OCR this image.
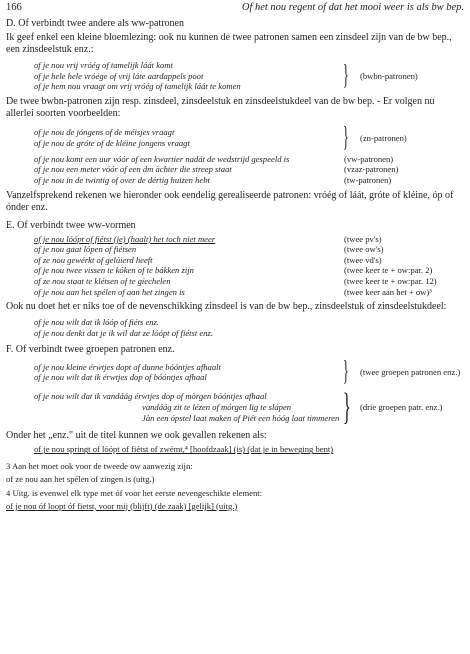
166	Of het nou regent of dat het mooi weer is als bw bep.
D. Of verbindt twee andere als ww-patronen
Ik geef enkel een kleine bloemlezing: ook nu kunnen de twee patronen samen een zinsdeel zijn van de bw bep., een zinsdeelstuk enz.:
of je nou vrij vróég of tamelijk láát komt
of je hele hele vróége of vrij láte aardappels poot
of je hem nou vraagt om vrij vróég of tamelijk láát te komen	}	(bwbn-patronen)
De twee bwbn-patronen zijn resp. zinsdeel, zinsdeelstuk en zinsdeelstukdeel van de bw bep. - Er volgen nu allerlei soorten voorbeelden:
of je nou de jóngens of de méisjes vraagt
of je nou de gróte of de kléine jongens vraagt	}	(zn-patronen)
of je nou komt een uur vóór of een kwartier nadát de wedstrijd gespeeld is	(vw-patronen)
of je nou een meter vóór of een dm àchter die streep staat	(vzaz-patronen)
of je nou in de twintig of over de dértig huizen hebt	(tw-patronen)
Vanzelfsprekend rekenen we hieronder ook eendelig gerealiseerde patronen: vróég of láát, gróte of kléine, óp of ónder enz.
E. Of verbindt twee ww-vormen
of je nou lóópt of fiétst (je) (haalt) het toch niet meer	(twee pv's)
of je nou gaat lópen of fiétsen	(twee ow's)
of ze nou gewérkt of gelúierd heeft	(twee vd's)
of je nou twee vissen te kóken of te bákken zijn	(twee keer te + ow:par. 2)
of ze nou staat te klétsen of te gíechelen	(twee keer te + ow:par. 12)
of je nou aan het spélen of aan het zingen is	(twee keer aan het + ow)³
Ook nu doet het er niks toe of de nevenschikking zinsdeel is van de bw bep., zinsdeelstuk of zinsdeelstukdeel:
of je nou wilt dat ik lóóp of fiéts enz.
of je nou denkt dat je ik wil dat ze lóópt of fiétst enz.
F. Of verbindt twee groepen patronen enz.
of je nou kleine érwtjes dopt of dunne bóóntjes afhaalt
of je nou wilt dat ik érwtjes dop of bóóntjes afhaal	}	(twee groepen patronen enz.)
of je nou wilt dat ik vandáág érwtjes dop of mòrgen bóóntjes afhaal
vandáág zit te lézen of mórgen lig te slápen
Jàn een ópstel laat maken of Piét een hóóg laat timmeren }	(drie groepen patr. enz.)
Onder het „enz." uit de titel kunnen we ook gevallen rekenen als:
of je nou springt of lóópt of fiétst of zwémt,⁴ [hoofdzaak] (is) (dat je in beweging bent)
3 Aan het moet ook voor de tweede ow aanwezig zijn:
of ze nou aan het spélen of zingen is (uitg.)
4 Uitg. is evenwel elk type met óf voor het eerste nevengeschikte element:
of je nou óf loopt óf fietst, voor mij (blijft) (de zaak) [gelijk] (uitg.)
